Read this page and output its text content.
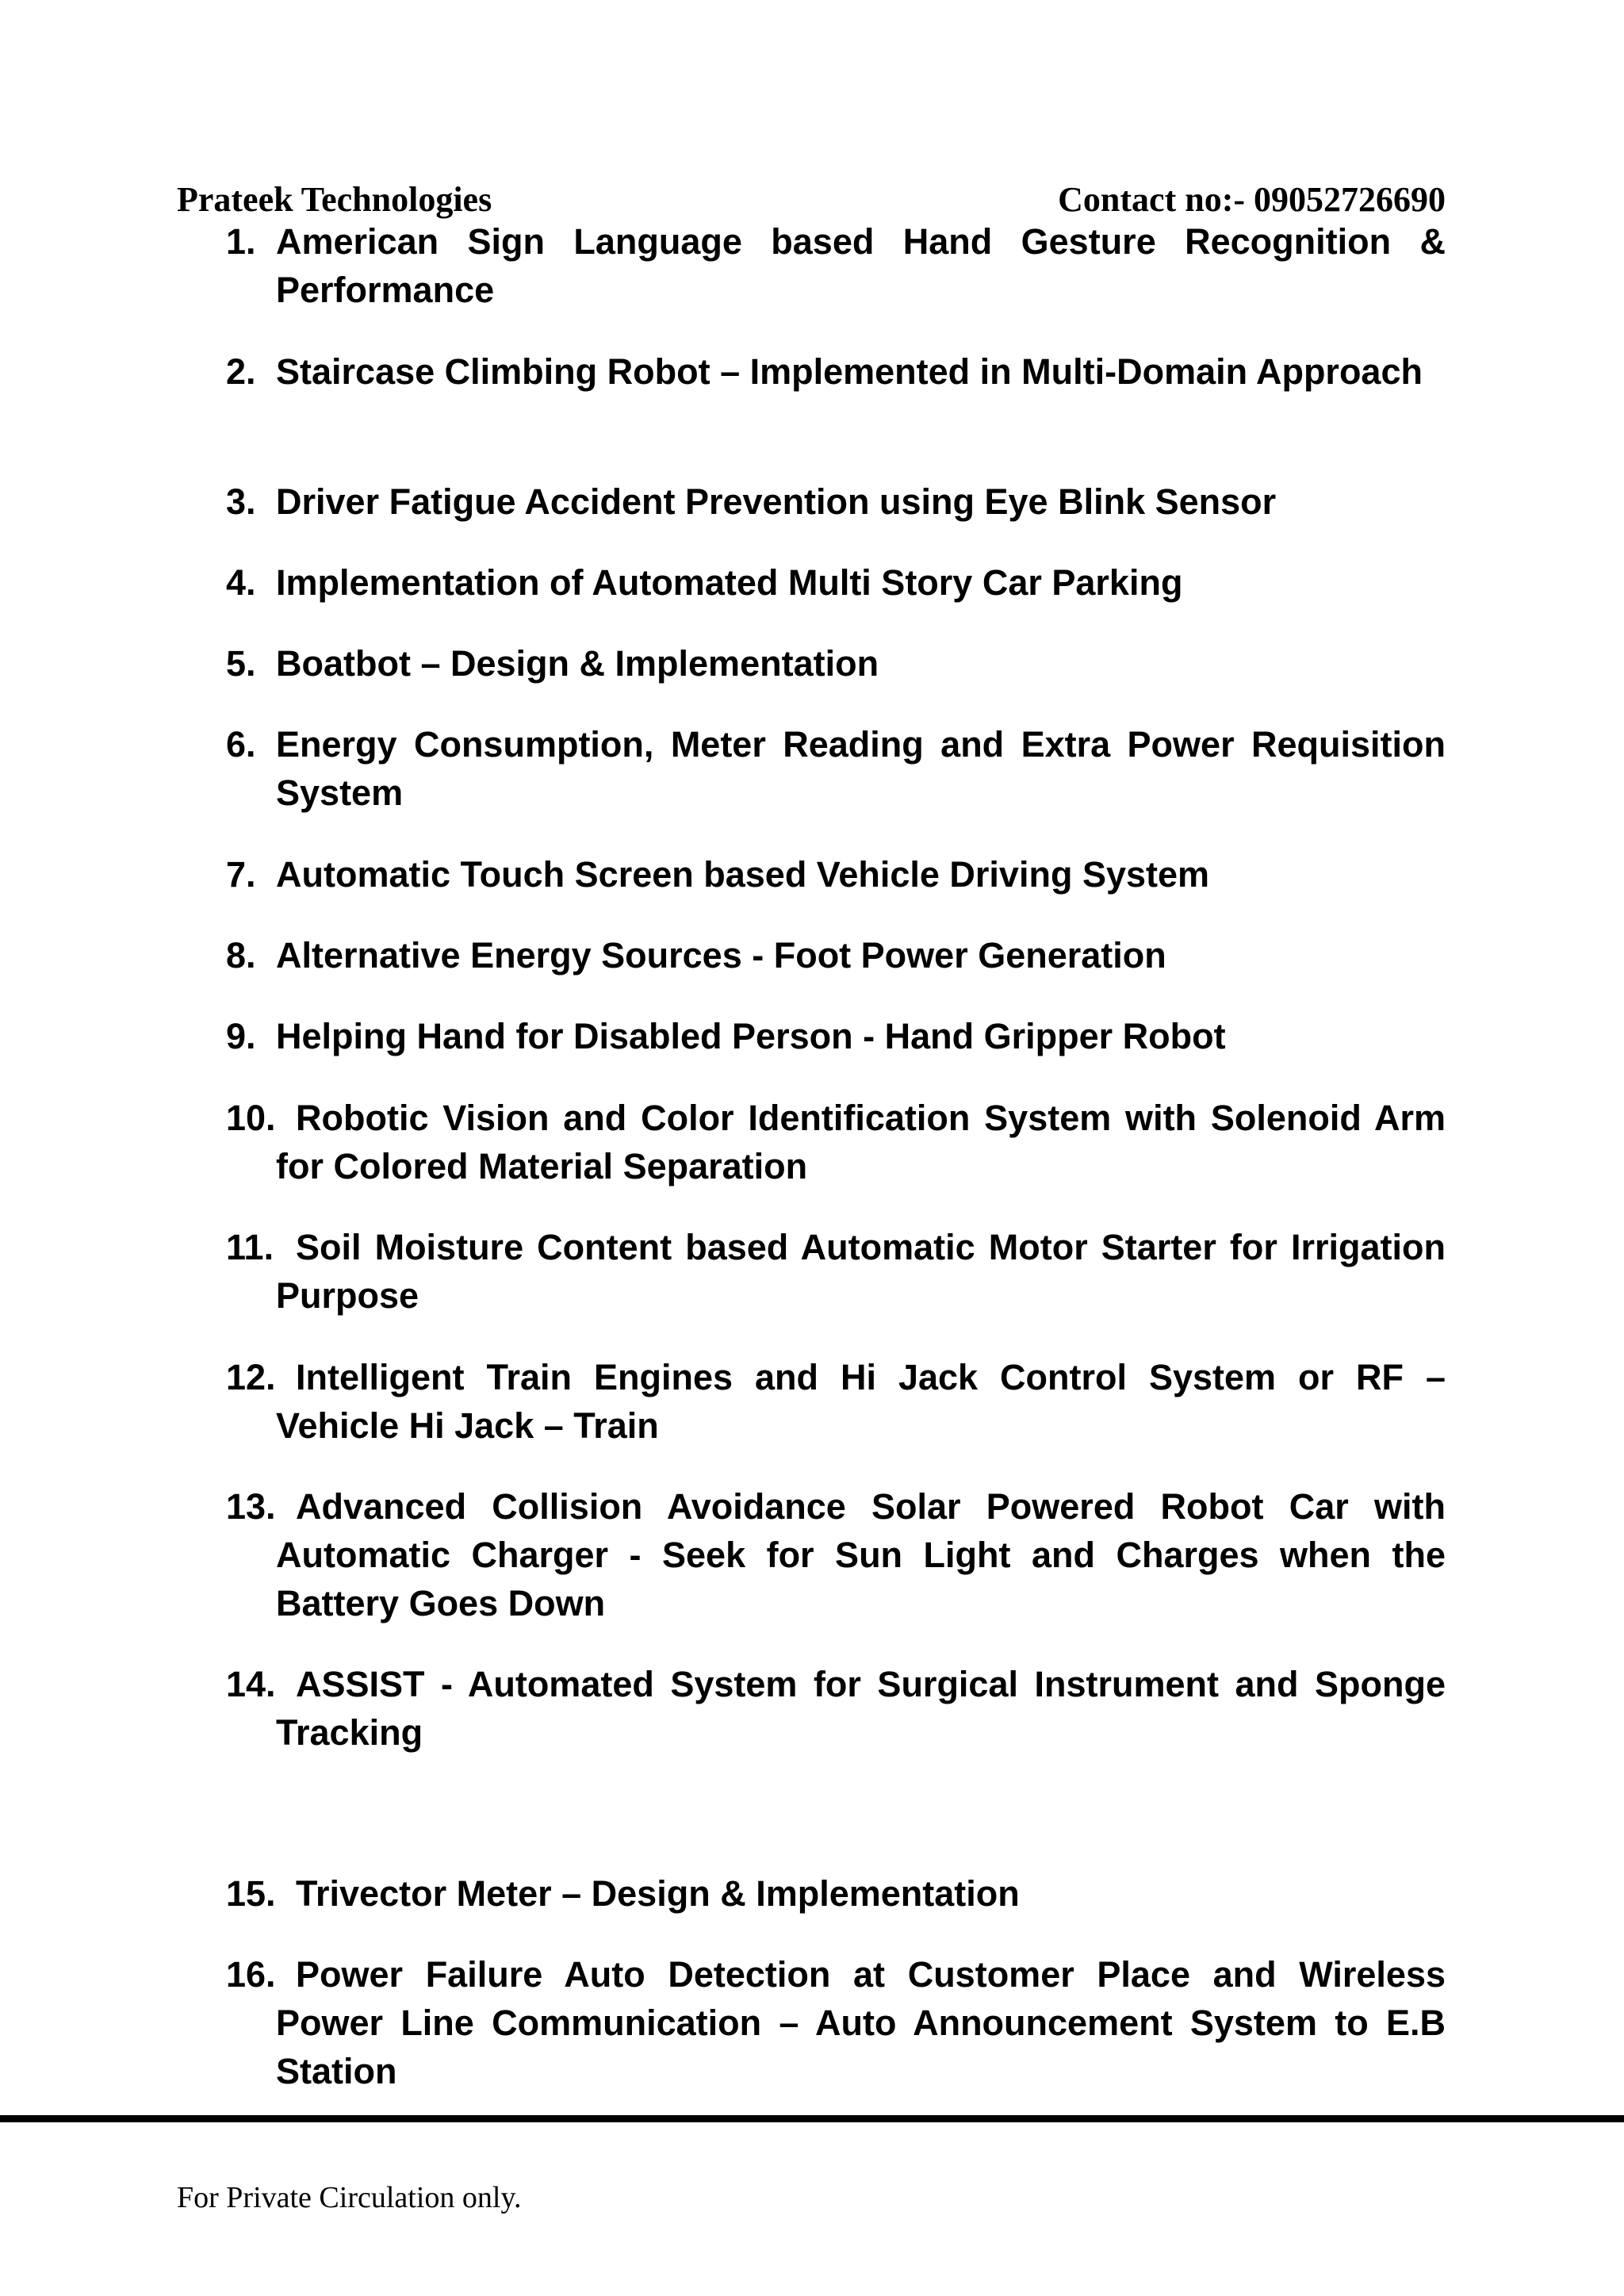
Prateek Technologies	Contact no:- 09052726690
1. American Sign Language based Hand Gesture Recognition & Performance
2. Staircase Climbing Robot – Implemented in Multi-Domain Approach
3. Driver Fatigue Accident Prevention using Eye Blink Sensor
4. Implementation of Automated Multi Story Car Parking
5. Boatbot – Design & Implementation
6. Energy Consumption, Meter Reading and Extra Power Requisition System
7. Automatic Touch Screen based Vehicle Driving System
8. Alternative Energy Sources - Foot Power Generation
9. Helping Hand for Disabled Person - Hand Gripper Robot
10. Robotic Vision and Color Identification System with Solenoid Arm for Colored Material Separation
11. Soil Moisture Content based Automatic Motor Starter for Irrigation Purpose
12. Intelligent Train Engines and Hi Jack Control System or RF – Vehicle Hi Jack – Train
13. Advanced Collision Avoidance Solar Powered Robot Car with Automatic Charger - Seek for Sun Light and Charges when the Battery Goes Down
14. ASSIST - Automated System for Surgical Instrument and Sponge Tracking
15. Trivector Meter – Design & Implementation
16. Power Failure Auto Detection at Customer Place and Wireless Power Line Communication – Auto Announcement System to E.B Station
For Private Circulation only.
